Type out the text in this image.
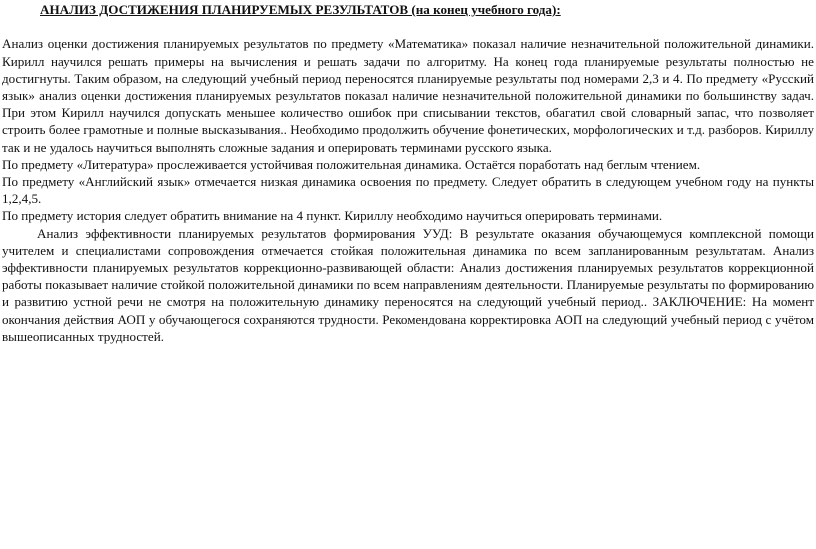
АНАЛИЗ ДОСТИЖЕНИЯ ПЛАНИРУЕМЫХ РЕЗУЛЬТАТОВ (на конец учебного года):

Анализ оценки достижения планируемых результатов по предмету «Математика» показал наличие незначительной положительной динамики. Кирилл научился решать примеры на вычисления и решать задачи по алгоритму. На конец года планируемые результаты полностью не достигнуты. Таким образом, на следующий учебный период переносятся планируемые результаты под номерами 2,3 и 4. По предмету «Русский язык» анализ оценки достижения планируемых результатов показал наличие незначительной положительной динамики по большинству задач. При этом Кирилл научился допускать меньшее количество ошибок при списывании текстов, обагатил свой словарный запас, что позволяет строить более грамотные и полные высказывания.. Необходимо продолжить обучение фонетических, морфологических и т.д. разборов. Кириллу так и не удалось научиться выполнять сложные задания и оперировать терминами русского языка.

По предмету «Литература» прослеживается устойчивая положительная динамика. Остаётся поработать над беглым чтением.

По предмету «Английский язык» отмечается низкая динамика освоения по предмету. Следует обратить в следующем учебном году на пункты 1,2,4,5.

По предмету история следует обратить внимание на 4 пункт. Кириллу необходимо научиться оперировать терминами.

Анализ эффективности планируемых результатов формирования УУД: В результате оказания обучающемуся комплексной помощи учителем и специалистами сопровождения отмечается стойкая положительная динамика по всем запланированным результатам. Анализ эффективности планируемых результатов коррекционно-развивающей области: Анализ достижения планируемых результатов коррекционной работы показывает наличие стойкой положительной динамики по всем направлениям деятельности. Планируемые результаты по формированию и развитию устной речи не смотря на положительную динамику переносятся на следующий учебный период.. ЗАКЛЮЧЕНИЕ: На момент окончания действия АОП у обучающегося сохраняются трудности. Рекомендована корректировка АОП на следующий учебный период с учётом вышеописанных трудностей.
